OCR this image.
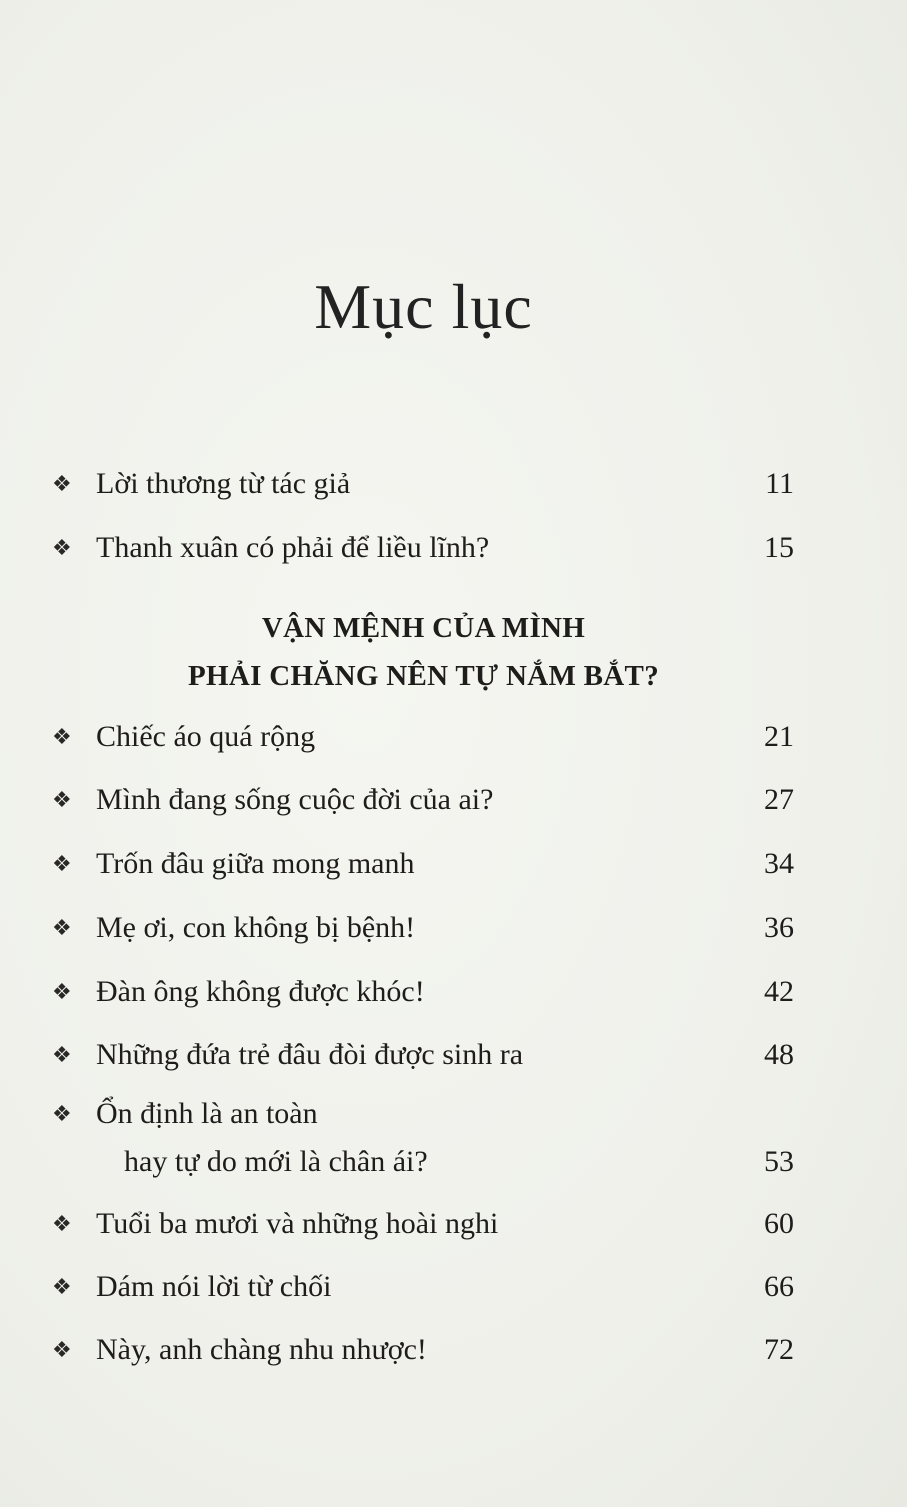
Mục lục
❖ Lời thương từ tác giả	11
❖ Thanh xuân có phải để liều lĩnh?	15
VẬN MỆNH CỦA MÌNH
PHẢI CHĂNG NÊN TỰ NẮM BẮT?
❖ Chiếc áo quá rộng	21
❖ Mình đang sống cuộc đời của ai?	27
❖ Trốn đâu giữa mong manh	34
❖ Mẹ ơi, con không bị bệnh!	36
❖ Đàn ông không được khóc!	42
❖ Những đứa trẻ đâu đòi được sinh ra	48
❖ Ổn định là an toàn
hay tự do mới là chân ái?	53
❖ Tuổi ba mươi và những hoài nghi	60
❖ Dám nói lời từ chối	66
❖ Này, anh chàng nhu nhược!	72
